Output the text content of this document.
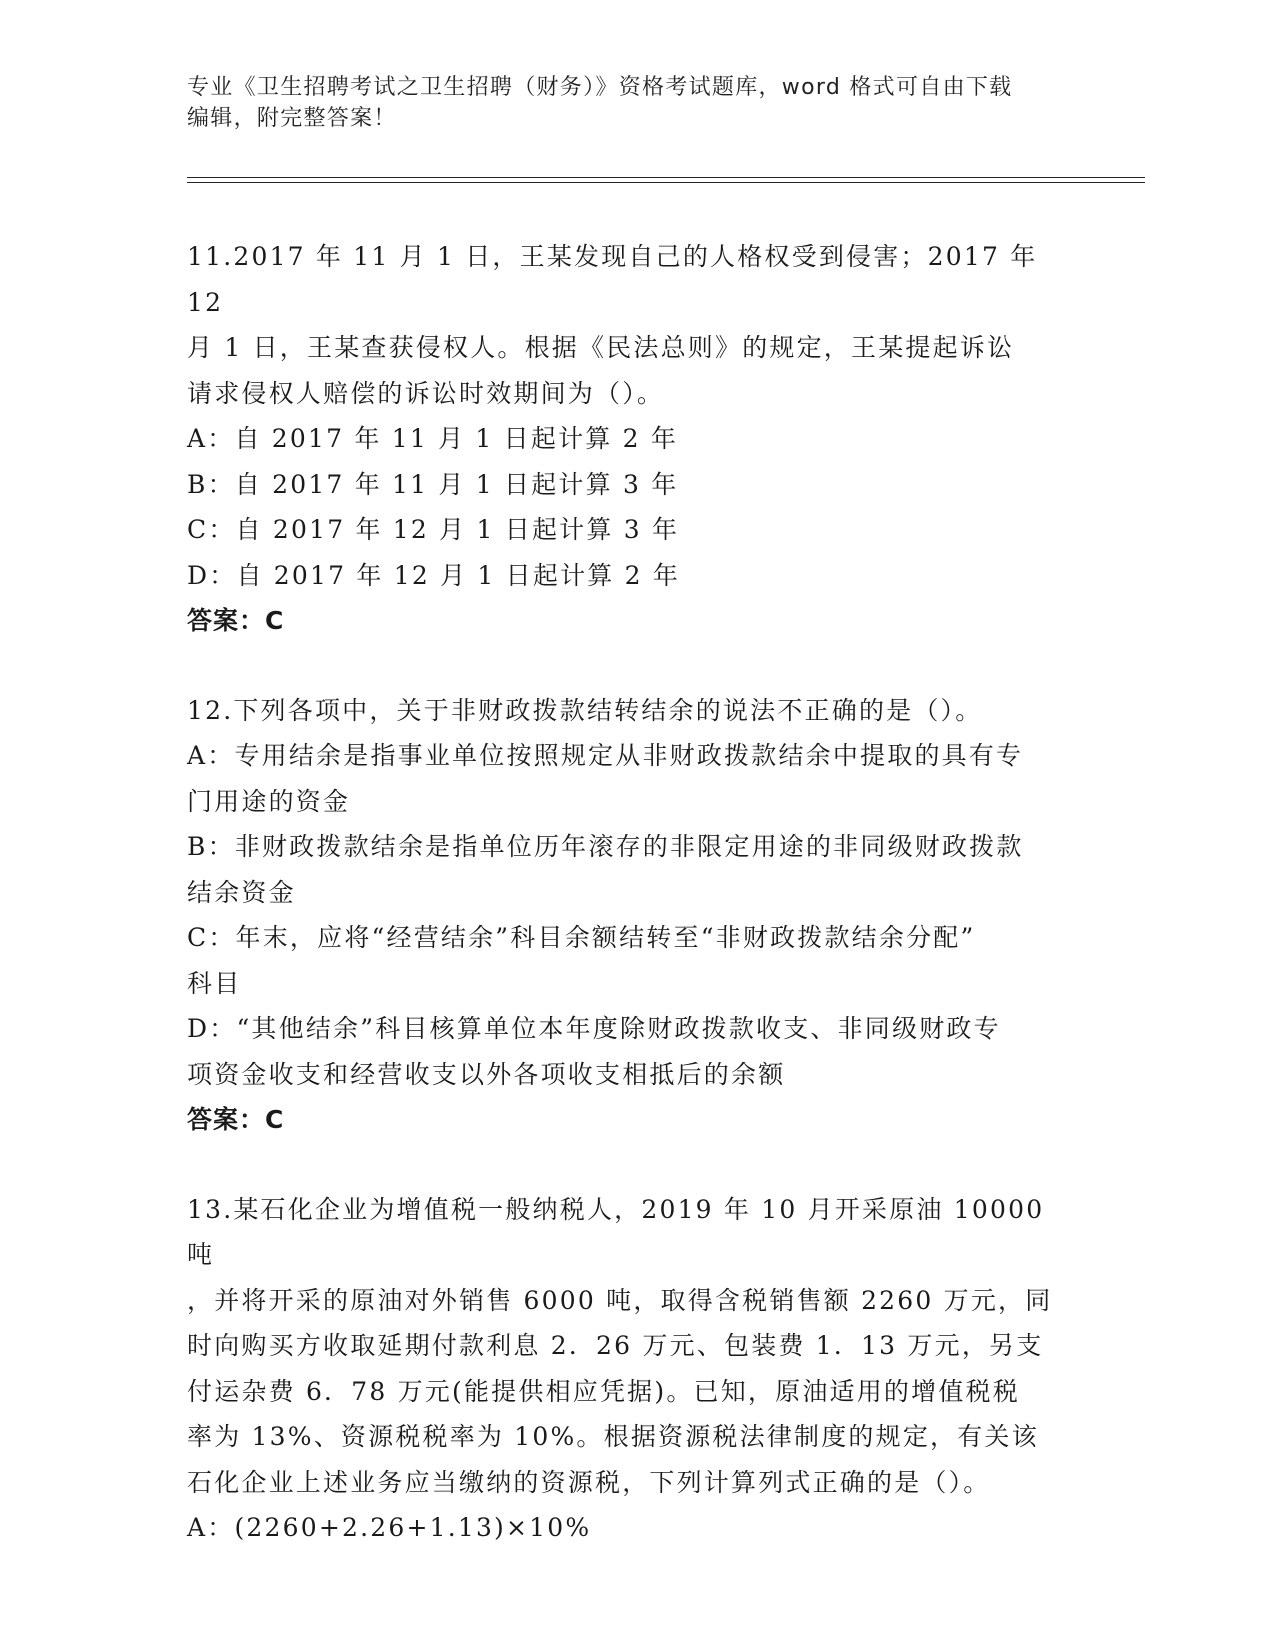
专业《卫生招聘考试之卫生招聘（财务）》资格考试题库，word 格式可自由下载
编辑，附完整答案！

11.2017 年 11 月 1 日，王某发现自己的人格权受到侵害；2017 年 12

月 1 日，王某查获侵权人。根据《民法总则》的规定，王某提起诉讼

请求侵权人赔偿的诉讼时效期间为（）。

A：自 2017 年 11 月 1 日起计算 2 年

B：自 2017 年 11 月 1 日起计算 3 年

C：自 2017 年 12 月 1 日起计算 3 年

D：自 2017 年 12 月 1 日起计算 2 年

答案：C

12.下列各项中，关于非财政拨款结转结余的说法不正确的是（）。

A：专用结余是指事业单位按照规定从非财政拨款结余中提取的具有专

门用途的资金

B：非财政拨款结余是指单位历年滚存的非限定用途的非同级财政拨款

结余资金

C：年末，应将“经营结余”科目余额结转至“非财政拨款结余分配”

科目

D：“其他结余”科目核算单位本年度除财政拨款收支、非同级财政专

项资金收支和经营收支以外各项收支相抵后的余额

答案：C

13.某石化企业为增值税一般纳税人，2019 年 10 月开采原油 10000 吨

，并将开采的原油对外销售 6000 吨，取得含税销售额 2260 万元，同

时向购买方收取延期付款利息 2．26 万元、包装费 1．13 万元，另支

付运杂费 6．78 万元(能提供相应凭据)。已知，原油适用的增值税税

率为 13%、资源税税率为 10%。根据资源税法律制度的规定，有关该

石化企业上述业务应当缴纳的资源税，下列计算列式正确的是（）。

A：(2260+2.26+1.13)×10%
